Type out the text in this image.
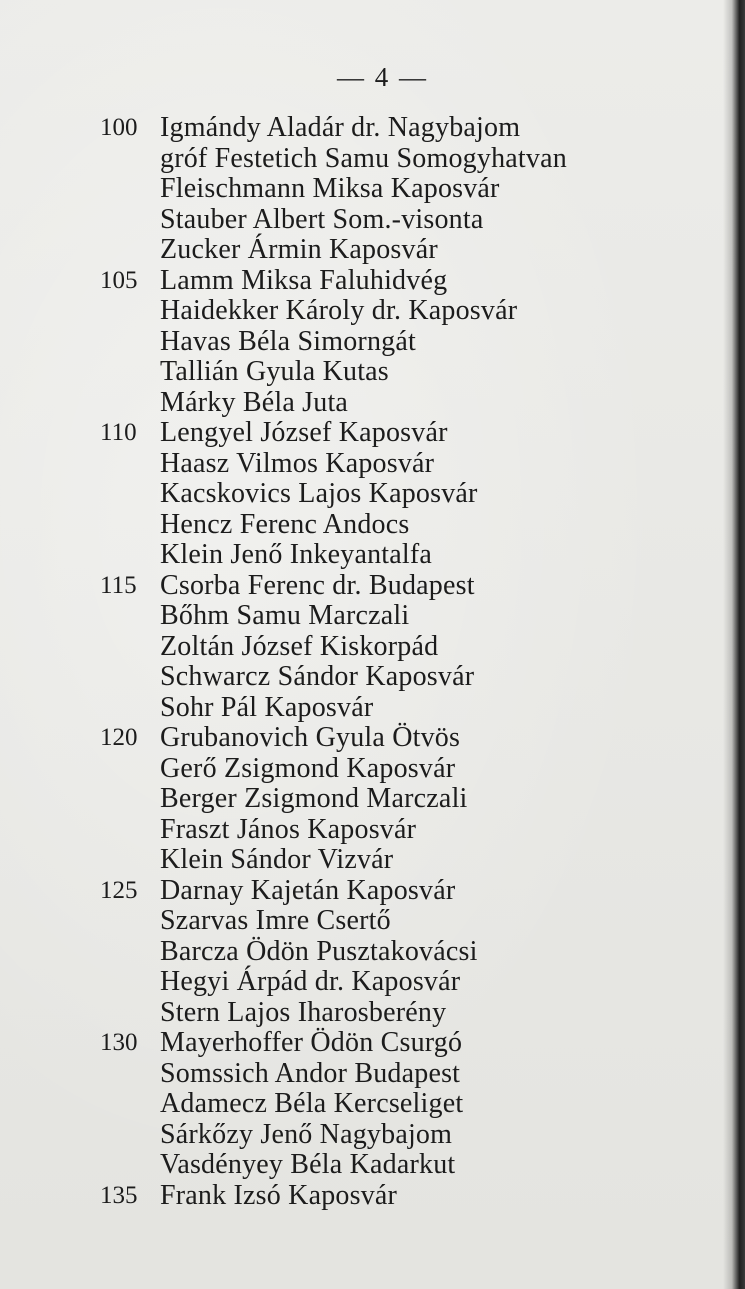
— 4 —
100 Igmándy Aladár dr. Nagybajom
gróf Festetich Samu Somogyhatvan
Fleischmann Miksa Kaposvár
Stauber Albert Som.-visonta
Zucker Ármin Kaposvár
105 Lamm Miksa Faluhidvég
Haidekker Károly dr. Kaposvár
Havas Béla Simorngát
Tallián Gyula Kutas
Márky Béla Juta
110 Lengyel József Kaposvár
Haasz Vilmos Kaposvár
Kacskovics Lajos Kaposvár
Hencz Ferenc Andocs
Klein Jenő Inkeyantalfa
115 Csorba Ferenc dr. Budapest
Bőhm Samu Marczali
Zoltán József Kiskorpád
Schwarcz Sándor Kaposvár
Sohr Pál Kaposvár
120 Grubanovich Gyula Ötvös
Gerő Zsigmond Kaposvár
Berger Zsigmond Marczali
Fraszt János Kaposvár
Klein Sándor Vizvár
125 Darnay Kajetán Kaposvár
Szarvas Imre Csertő
Barcza Ödön Pusztakovácsi
Hegyi Árpád dr. Kaposvár
Stern Lajos Iharosberény
130 Mayerhoffer Ödön Csurgó
Somssich Andor Budapest
Adamecz Béla Kercseliget
Sárkőzy Jenő Nagybajom
Vasdényey Béla Kadarkut
135 Frank Izsó Kaposvár
